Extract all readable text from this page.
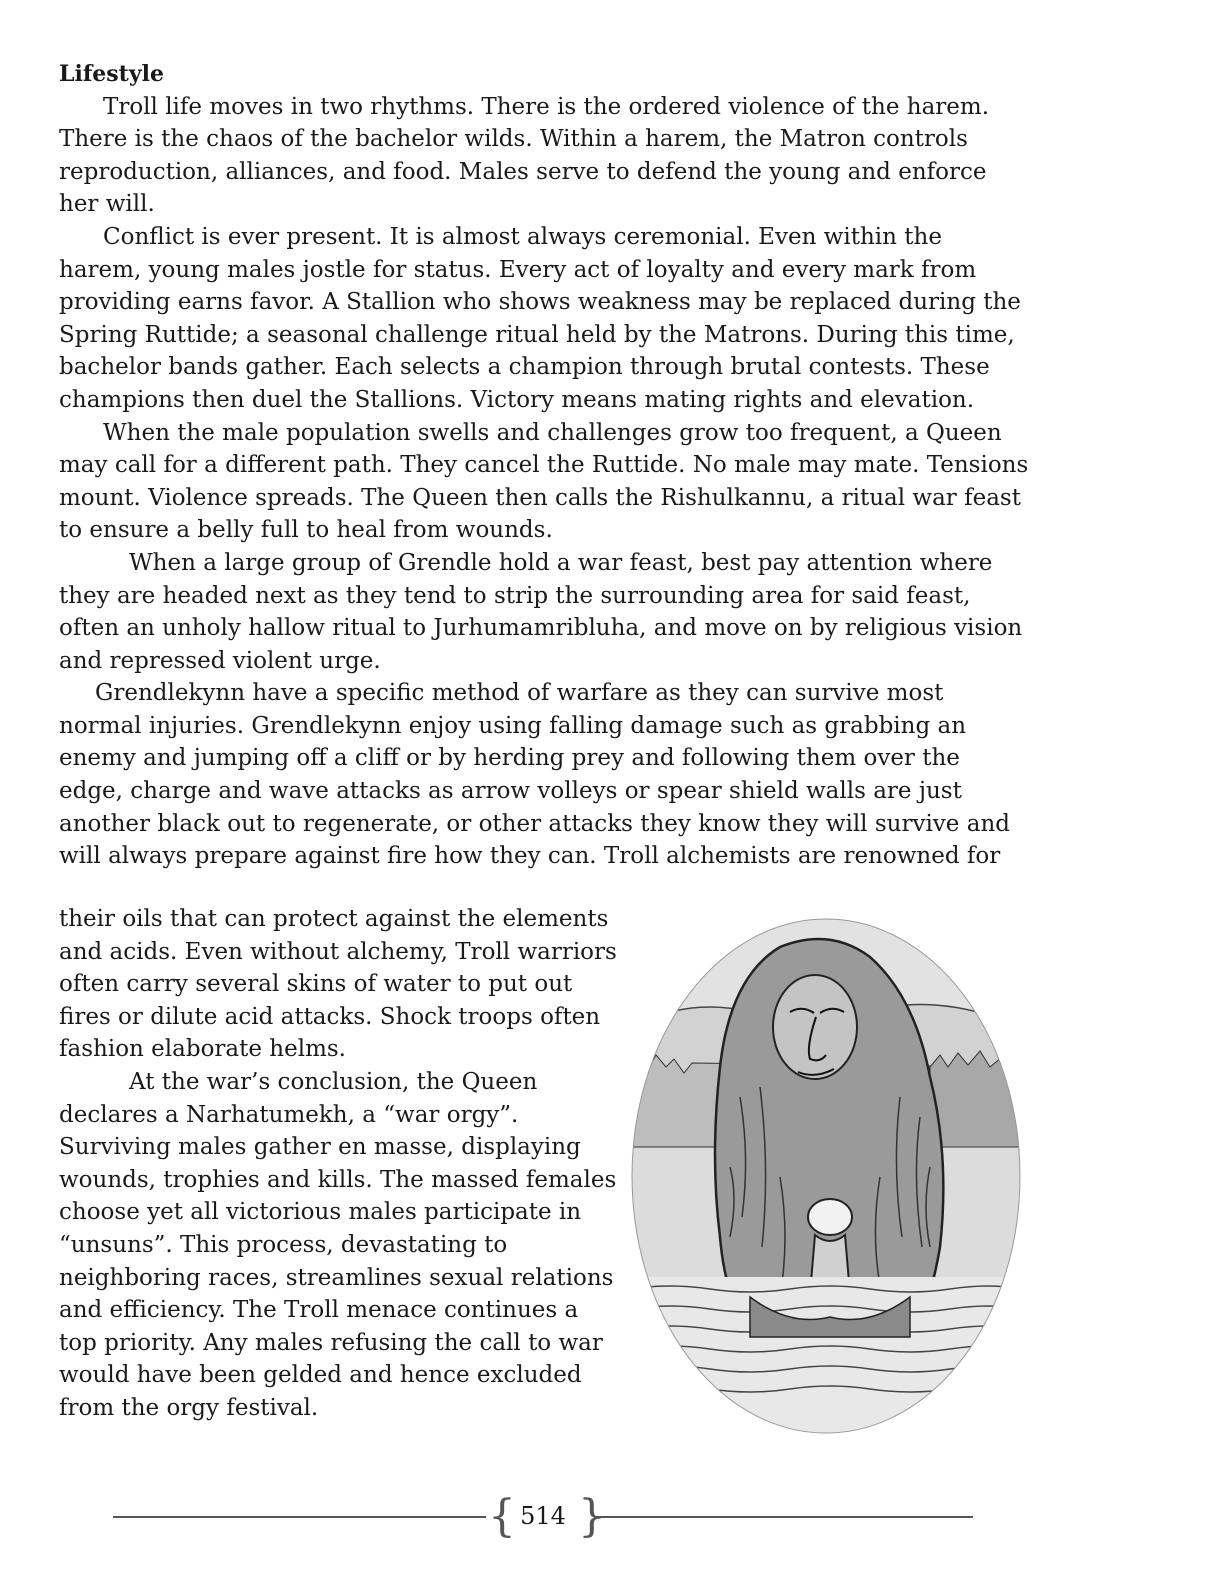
Lifestyle

Troll life moves in two rhythms. There is the ordered violence of the harem. There is the chaos of the bachelor wilds. Within a harem, the Matron controls reproduction, alliances, and food. Males serve to defend the young and enforce her will.

Conflict is ever present. It is almost always ceremonial. Even within the harem, young males jostle for status. Every act of loyalty and every mark from providing earns favor. A Stallion who shows weakness may be replaced during the Spring Ruttide; a seasonal challenge ritual held by the Matrons. During this time, bachelor bands gather. Each selects a champion through brutal contests. These champions then duel the Stallions. Victory means mating rights and elevation.

When the male population swells and challenges grow too frequent, a Queen may call for a different path. They cancel the Ruttide. No male may mate. Tensions mount. Violence spreads. The Queen then calls the Rishulkannu, a ritual war feast to ensure a belly full to heal from wounds.

When a large group of Grendle hold a war feast, best pay attention where they are headed next as they tend to strip the surrounding area for said feast, often an unholy hallow ritual to Jurhumamribluha, and move on by religious vision and repressed violent urge.

Grendlekynn have a specific method of warfare as they can survive most normal injuries. Grendlekynn enjoy using falling damage such as grabbing an enemy and jumping off a cliff or by herding prey and following them over the edge, charge and wave attacks as arrow volleys or spear shield walls are just another black out to regenerate, or other attacks they know they will survive and will always prepare against fire how they can. Troll alchemists are renowned for

their oils that can protect against the elements and acids. Even without alchemy, Troll warriors often carry several skins of water to put out fires or dilute acid attacks. Shock troops often fashion elaborate helms.

At the war’s conclusion, the Queen declares a Narhatumekh, a “war orgy”. Surviving males gather en masse, displaying wounds, trophies and kills. The massed females choose yet all victorious males participate in “unsuns”. This process, devastating to neighboring races, streamlines sexual relations and efficiency. The Troll menace continues a top priority. Any males refusing the call to war would have been gelded and hence excluded from the orgy festival.

{ }
514
